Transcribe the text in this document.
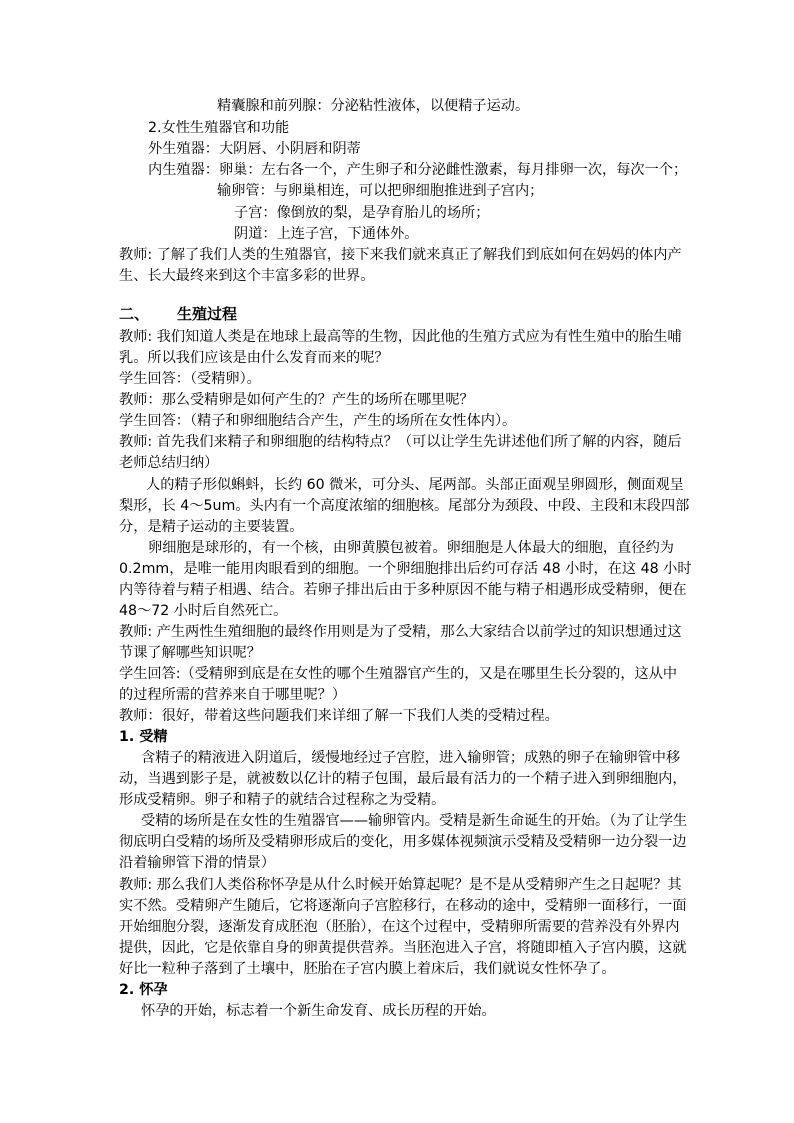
精囊腺和前列腺：分泌粘性液体，以便精子运动。
2.女性生殖器官和功能
外生殖器：大阴唇、小阴唇和阴蒂
内生殖器：卵巢：左右各一个，产生卵子和分泌雌性激素，每月排卵一次，每次一个；
输卵管：与卵巢相连，可以把卵细胞推进到子宫内；
子宫：像倒放的梨，是孕育胎儿的场所；
阴道：上连子宫，下通体外。
教师: 了解了我们人类的生殖器官，接下来我们就来真正了解我们到底如何在妈妈的体内产
生、长大最终来到这个丰富多彩的世界。
二、 生殖过程
教师: 我们知道人类是在地球上最高等的生物，因此他的生殖方式应为有性生殖中的胎生哺
乳。所以我们应该是由什么发育而来的呢？
学生回答：（受精卵）。
教师：那么受精卵是如何产生的？产生的场所在哪里呢？
学生回答：（精子和卵细胞结合产生，产生的场所在女性体内）。
教师: 首先我们来精子和卵细胞的结构特点？（可以让学生先讲述他们所了解的内容，随后
老师总结归纳）
人的精子形似蝌蚪，长约 60 微米，可分头、尾两部。头部正面观呈卵圆形，侧面观呈
梨形，长 4～5um。头内有一个高度浓缩的细胞核。尾部分为颈段、中段、主段和末段四部
分，是精子运动的主要装置。
卵细胞是球形的，有一个核，由卵黄膜包被着。卵细胞是人体最大的细胞，直径约为
0.2mm，是唯一能用肉眼看到的细胞。一个卵细胞排出后约可存活 48 小时，在这 48 小时
内等待着与精子相遇、结合。若卵子排出后由于多种原因不能与精子相遇形成受精卵，便在
48～72 小时后自然死亡。
教师: 产生两性生殖细胞的最终作用则是为了受精，那么大家结合以前学过的知识想通过这
节课了解哪些知识呢？
学生回答:（受精卵到底是在女性的哪个生殖器官产生的，又是在哪里生长分裂的，这从中
的过程所需的营养来自于哪里呢？）
教师：很好，带着这些问题我们来详细了解一下我们人类的受精过程。
1. 受精
含精子的精液进入阴道后，缓慢地经过子宫腔，进入输卵管；成熟的卵子在输卵管中移
动，当遇到影子是，就被数以亿计的精子包围，最后最有活力的一个精子进入到卵细胞内，
形成受精卵。卵子和精子的就结合过程称之为受精。
受精的场所是在女性的生殖器官——输卵管内。受精是新生命诞生的开始。（为了让学生
彻底明白受精的场所及受精卵形成后的变化，用多媒体视频演示受精及受精卵一边分裂一边
沿着输卵管下滑的情景）
教师: 那么我们人类俗称怀孕是从什么时候开始算起呢？是不是从受精卵产生之日起呢？其
实不然。受精卵产生随后，它将逐渐向子宫腔移行，在移动的途中，受精卵一面移行，一面
开始细胞分裂，逐渐发育成胚泡（胚胎），在这个过程中，受精卵所需要的营养没有外界内
提供，因此，它是依靠自身的卵黄提供营养。当胚泡进入子宫，将随即植入子宫内膜，这就
好比一粒种子落到了土壤中，胚胎在子宫内膜上着床后，我们就说女性怀孕了。
2. 怀孕
怀孕的开始，标志着一个新生命发育、成长历程的开始。
